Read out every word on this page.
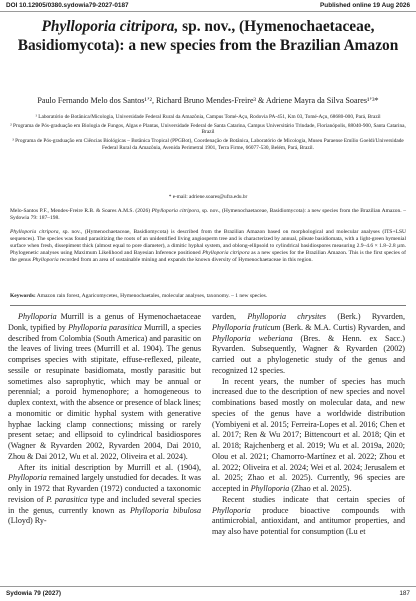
DOI 10.12905/0380.sydowia79-2027-0187	Published online 19 Aug 2026
Phylloporia citripora, sp. nov., (Hymenochaetaceae, Basidiomycota): a new species from the Brazilian Amazon
Paulo Fernando Melo dos Santos¹ʼ², Richard Bruno Mendes-Freire³ & Adriene Mayra da Silva Soares¹ʼ³*

¹ Laboratório de Botânica/Micologia, Universidade Federal Rural da Amazônia, Campus Tomé-Açu, Rodovia PA-451, Km 03, Tomé-Açu, 68680-000, Pará, Brazil

² Programa de Pós-graduação em Biologia de Fungos, Algas e Plantas, Universidade Federal de Santa Catarina, Campus Universitário Trindade, Florianópolis, 88040-900, Santa Catarina, Brazil

³ Programa de Pós-graduação em Ciências Biológicas – Botânica Tropical (PPGBot), Coordenação de Botânica, Laboratório de Micologia, Museu Paraense Emílio Goeldi/Universidade Federal Rural da Amazônia, Avenida Perimetral 1901, Terra Firme, 66077-530, Belém, Pará, Brazil.

* e-mail: adriene.soares@ufra.edu.br
Melo-Santos P.F., Mendes-Freire R.B. & Soares A.M.S. (2026) Phylloporia citripora, sp. nov., (Hymenochaetaceae, Basidiomycota): a new species from the Brazilian Amazon. – Sydowia 79: 187–198.
Phylloporia citripora, sp. nov., (Hymenochaetaceae, Basidiomycota) is described from the Brazilian Amazon based on morphological and molecular analyses (ITS+LSU sequences). The species was found parasitizing the roots of an unidentified living angiosperm tree and is characterized by annual, pileate basidiomata, with a light-green hymenial surface when fresh, dissepiment thick (almost equal to pore diameter), a dimitic hyphal system, and oblong-ellipsoid to cylindrical basidiospores measuring 2.9–4.6 × 1.8–2.8 µm. Phylogenetic analyses using Maximum Likelihood and Bayesian Inference positioned Phylloporia citripora as a new species for the Brazilian Amazon. This is the first species of the genus Phylloporia recorded from an area of sustainable mining and expands the known diversity of Hymenochaetaceae in this region.
Keywords: Amazon rain forest, Agaricomycetes, Hymenochaetales, molecular analyses, taxonomy. – 1 new species.

Phylloporia Murrill is a genus of Hymenochaetaceae Donk, typified by Phylloporia parasitica Murrill, a species described from Colombia (South America) and parasitic on the leaves of living trees (Murrill et al. 1904). The genus comprises species with stipitate, effuse-reflexed, pileate, sessile or resupinate basidiomata, mostly parasitic but sometimes also saprophytic, which may be annual or perennial; a poroid hymenophore; a homogeneous to duplex context, with the absence or presence of black lines; a monomitic or dimitic hyphal system with generative hyphae lacking clamp connections; missing or rarely present setae; and ellipsoid to cylindrical basidiospores (Wagner & Ryvarden 2002, Ryvarden 2004, Dai 2010, Zhou & Dai 2012, Wu et al. 2022, Oliveira et al. 2024).

After its initial description by Murrill et al. (1904), Phylloporia remained largely unstudied for decades. It was only in 1972 that Ryvarden (1972) conducted a taxonomic revision of P. parasitica type and included several species in the genus, currently known as Phylloporia bibulosa (Lloyd) Ry-

varden, Phylloporia chrysites (Berk.) Ryvarden, Phylloporia fruticum (Berk. & M.A. Curtis) Ryvarden, and Phylloporia weberiana (Bres. & Henn. ex Sacc.) Ryvarden. Subsequently, Wagner & Ryvarden (2002) carried out a phylogenetic study of the genus and recognized 12 species.

In recent years, the number of species has much increased due to the description of new species and novel combinations based mostly on molecular data, and new species of the genus have a worldwide distribution (Yombiyeni et al. 2015; Ferreira-Lopes et al. 2016; Chen et al. 2017; Ren & Wu 2017; Bittencourt et al. 2018; Qin et al. 2018; Rajchenberg et al. 2019; Wu et al. 2019a, 2020; Olou et al. 2021; Chamorro-Martínez et al. 2022; Zhou et al. 2022; Oliveira et al. 2024; Wei et al. 2024; Jerusalem et al. 2025; Zhao et al. 2025). Currently, 96 species are accepted in Phylloporia (Zhao et al. 2025).

Recent studies indicate that certain species of Phylloporia produce bioactive compounds with antimicrobial, antioxidant, and antitumor properties, and may also have potential for consumption (Lu et

Sydowia 79 (2027)	187
